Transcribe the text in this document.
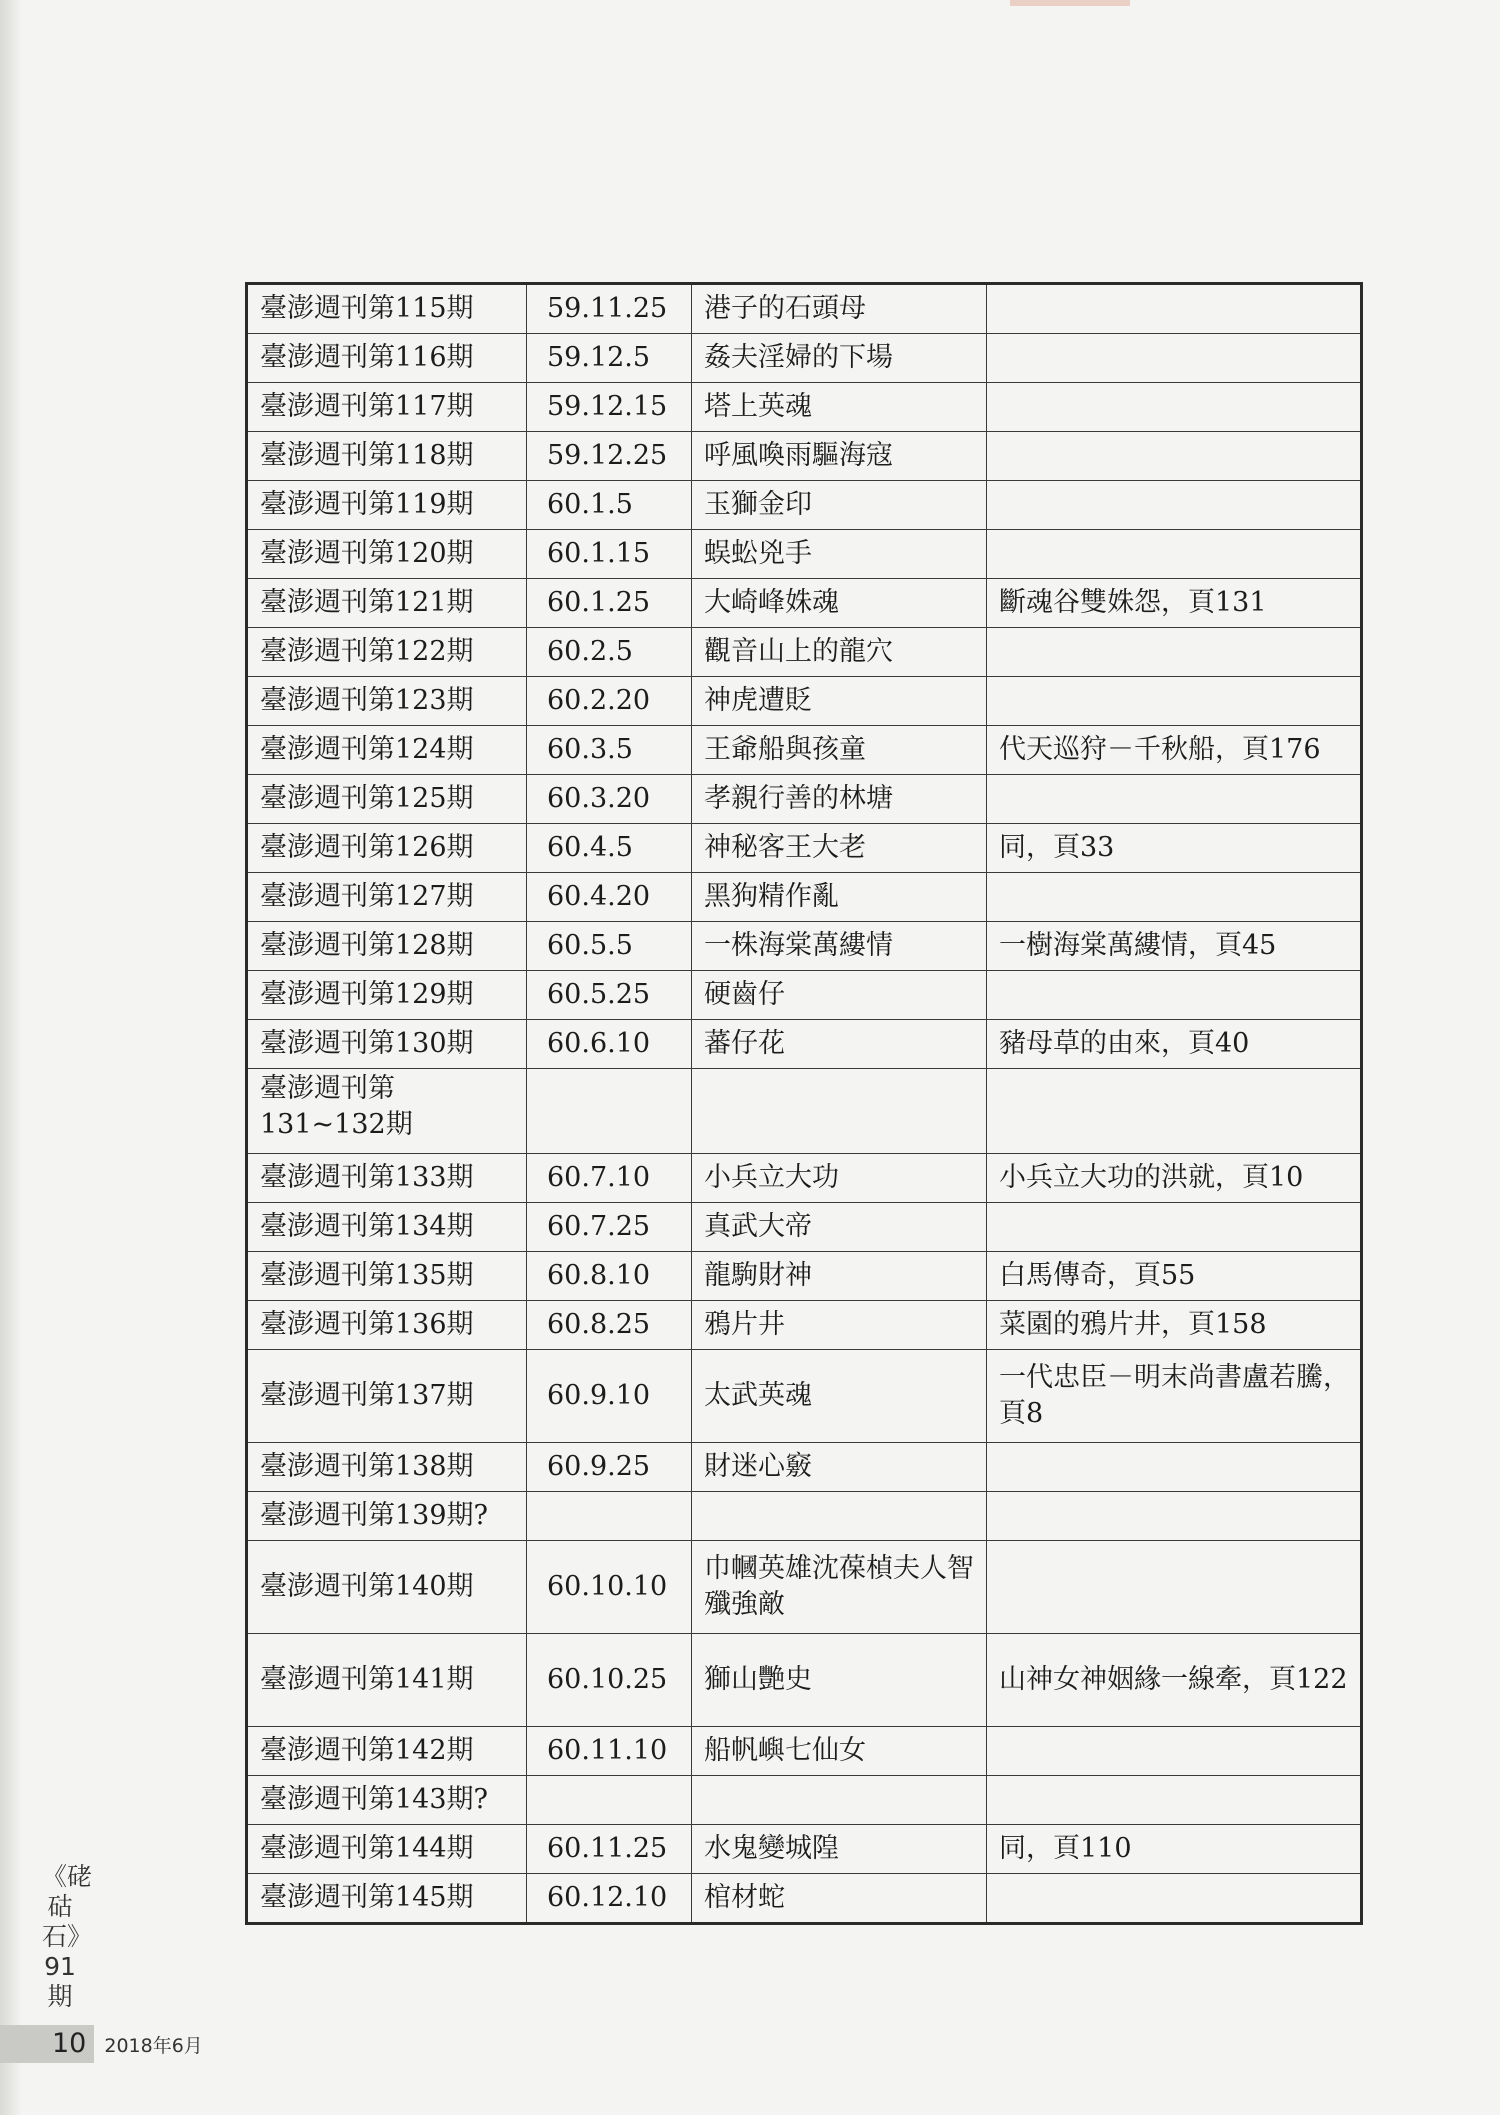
臺澎週刊第115期	59.11.25	港子的石頭母	
臺澎週刊第116期	59.12.5	姦夫淫婦的下場	
臺澎週刊第117期	59.12.15	塔上英魂	
臺澎週刊第118期	59.12.25	呼風喚雨驅海寇	
臺澎週刊第119期	60.1.5	玉獅金印	
臺澎週刊第120期	60.1.15	蜈蚣兇手	
臺澎週刊第121期	60.1.25	大崎峰姝魂	斷魂谷雙姝怨，頁131
臺澎週刊第122期	60.2.5	觀音山上的龍穴	
臺澎週刊第123期	60.2.20	神虎遭貶	
臺澎週刊第124期	60.3.5	王爺船與孩童	代天巡狩－千秋船，頁176
臺澎週刊第125期	60.3.20	孝親行善的林塘	
臺澎週刊第126期	60.4.5	神秘客王大老	同，頁33
臺澎週刊第127期	60.4.20	黑狗精作亂	
臺澎週刊第128期	60.5.5	一株海棠萬縷情	一樹海棠萬縷情，頁45
臺澎週刊第129期	60.5.25	硬齒仔	
臺澎週刊第130期	60.6.10	蕃仔花	豬母草的由來，頁40
臺澎週刊第 131~132期			
臺澎週刊第133期	60.7.10	小兵立大功	小兵立大功的洪就，頁10
臺澎週刊第134期	60.7.25	真武大帝	
臺澎週刊第135期	60.8.10	龍駒財神	白馬傳奇，頁55
臺澎週刊第136期	60.8.25	鴉片井	菜園的鴉片井，頁158
臺澎週刊第137期	60.9.10	太武英魂	一代忠臣－明末尚書盧若騰，頁8
臺澎週刊第138期	60.9.25	財迷心竅	
臺澎週刊第139期?			
臺澎週刊第140期	60.10.10	巾幗英雄沈葆楨夫人智殲強敵	
臺澎週刊第141期	60.10.25	獅山艷史	山神女神姻緣一線牽，頁122
臺澎週刊第142期	60.11.10	船帆嶼七仙女	
臺澎週刊第143期?			
臺澎週刊第144期	60.11.25	水鬼變城隍	同，頁110
臺澎週刊第145期	60.12.10	棺材蛇	
《硓𥑮石》91期
10 2018年6月
